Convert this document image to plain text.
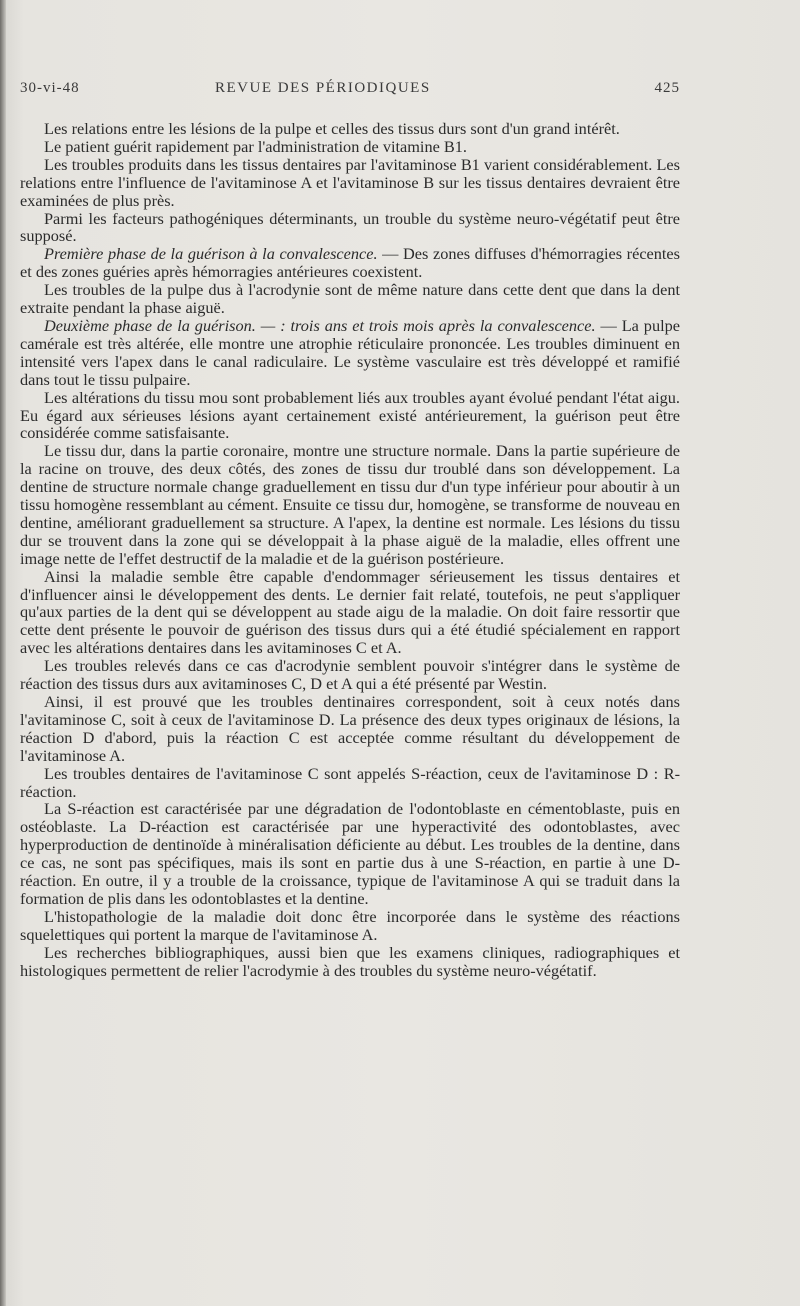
30-vi-48	REVUE DES PÉRIODIQUES	425

Les relations entre les lésions de la pulpe et celles des tissus durs sont d'un grand intérêt.

Le patient guérit rapidement par l'administration de vitamine B1.

Les troubles produits dans les tissus dentaires par l'avitaminose B1 varient considérablement. Les relations entre l'influence de l'avitaminose A et l'avitaminose B sur les tissus dentaires devraient être examinées de plus près.

Parmi les facteurs pathogéniques déterminants, un trouble du système neuro-végétatif peut être supposé.

Première phase de la guérison à la convalescence. — Des zones diffuses d'hémorragies récentes et des zones guéries après hémorragies antérieures coexistent.

Les troubles de la pulpe dus à l'acrodynie sont de même nature dans cette dent que dans la dent extraite pendant la phase aiguë.

Deuxième phase de la guérison. — : trois ans et trois mois après la convalescence. — La pulpe camérale est très altérée, elle montre une atrophie réticulaire prononcée. Les troubles diminuent en intensité vers l'apex dans le canal radiculaire. Le système vasculaire est très développé et ramifié dans tout le tissu pulpaire.

Les altérations du tissu mou sont probablement liés aux troubles ayant évolué pendant l'état aigu. Eu égard aux sérieuses lésions ayant certainement existé antérieurement, la guérison peut être considérée comme satisfaisante.

Le tissu dur, dans la partie coronaire, montre une structure normale. Dans la partie supérieure de la racine on trouve, des deux côtés, des zones de tissu dur troublé dans son développement. La dentine de structure normale change graduellement en tissu dur d'un type inférieur pour aboutir à un tissu homogène ressemblant au cément. Ensuite ce tissu dur, homogène, se transforme de nouveau en dentine, améliorant graduellement sa structure. A l'apex, la dentine est normale. Les lésions du tissu dur se trouvent dans la zone qui se développait à la phase aiguë de la maladie, elles offrent une image nette de l'effet destructif de la maladie et de la guérison postérieure.

Ainsi la maladie semble être capable d'endommager sérieusement les tissus dentaires et d'influencer ainsi le développement des dents. Le dernier fait relaté, toutefois, ne peut s'appliquer qu'aux parties de la dent qui se développent au stade aigu de la maladie. On doit faire ressortir que cette dent présente le pouvoir de guérison des tissus durs qui a été étudié spécialement en rapport avec les altérations dentaires dans les avitaminoses C et A.

Les troubles relevés dans ce cas d'acrodynie semblent pouvoir s'intégrer dans le système de réaction des tissus durs aux avitaminoses C, D et A qui a été présenté par Westin.

Ainsi, il est prouvé que les troubles dentinaires correspondent, soit à ceux notés dans l'avitaminose C, soit à ceux de l'avitaminose D. La présence des deux types originaux de lésions, la réaction D d'abord, puis la réaction C est acceptée comme résultant du développement de l'avitaminose A.

Les troubles dentaires de l'avitaminose C sont appelés S-réaction, ceux de l'avitaminose D : R-réaction.

La S-réaction est caractérisée par une dégradation de l'odontoblaste en cémentoblaste, puis en ostéoblaste. La D-réaction est caractérisée par une hyperactivité des odontoblastes, avec hyperproduction de dentinoïde à minéralisation déficiente au début. Les troubles de la dentine, dans ce cas, ne sont pas spécifiques, mais ils sont en partie dus à une S-réaction, en partie à une D-réaction. En outre, il y a trouble de la croissance, typique de l'avitaminose A qui se traduit dans la formation de plis dans les odontoblastes et la dentine.

L'histopathologie de la maladie doit donc être incorporée dans le système des réactions squelettiques qui portent la marque de l'avitaminose A.

Les recherches bibliographiques, aussi bien que les examens cliniques, radiographiques et histologiques permettent de relier l'acrodymie à des troubles du système neuro-végétatif.
